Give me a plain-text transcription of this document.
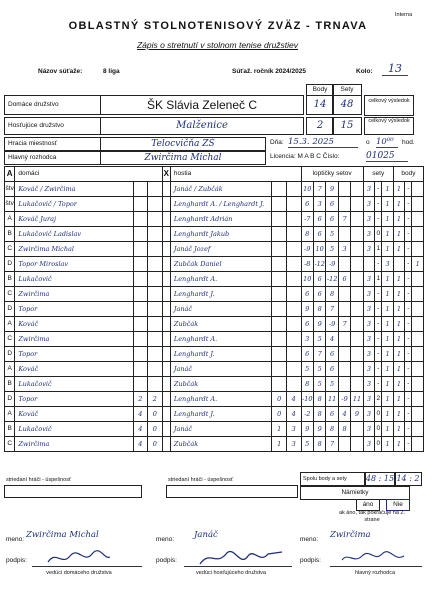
Interna
OBLASTNÝ STOLNOTENISOVÝ ZVÄZ - TRNAVA
Zápis o stretnutí v stolnom tenise družstiev
Názov súťaže:	8 liga	Súťaž. ročník 2024/2025	Kolo:	13
Body	Sety
Domáce družstvo	ŠK Slávia Zeleneč C	14	48	celkový výsledok
Hosťujúce družstvo	Malženice	2	15	celkový výsledok
Hracia miestnosť	Telocvičňa ZŠ	Dňa: 15.3. 2025	o 10⁰⁰	hod.
Hlavný rozhodca	Zwirčima Michal	Licencia: M A B C Číslo:	01025
A	domáci			X	hostia			loptičky setov					sety			body		
štv	Kováč / Zwirčima				Janáč / Zubčák			10	7	9			3	-	1	1	-	
štv	Lukačovič / Topor				Lenghardt A. / Lenghardt J.			6	3	6			3	-	1	1	-	
A	Kováč Juraj				Lenghardt Adrián			-7	6	6	7		3	-	1	1	-	
B	Lukačovič Ladislav				Lenghardt Jakub			8	6	5			3	0	1	1	-	
C	Zwirčima Michal				Janáč Jozef			-9	10	5	3		3	1	1	1	-	
D	Topor Miroslav				Zubčák Daniel			-8	-12	-9				-	3		-	1
B	Lukačovič				Lenghardt A.			10	6	-12	6		3	1	1	1	-	
C	Zwirčima				Lenghardt J.			6	6	8			3	-	1	1	-	
D	Topor				Janáč			9	8	7			3	-	1	1	-	
A	Kováč				Zubčák			6	9	-9	7		3	-	1	1	-	
C	Zwirčima				Lenghardt A.			3	5	4			3	-	1	1	-	
D	Topor				Lenghardt J.			6	7	6			3	-	1	1	-	
A	Kováč				Janáč			5	5	6			3	-	1	1	-	
B	Lukačovič				Zubčák			8	5	5			3	-	1	1	-	
D	Topor	2	2		Lenghardt A.	0	4	-10	8	11	-9	11	3	2	1	1	-	
A	Kováč	4	0		Lenghardt J.	0	4	-2	8	6	4	9	3	0	1	1	-	
B	Lukačovič	4	0		Janáč	1	3	9	9	8	8		3	0	1	1	-	
C	Zwirčima	4	0		Zubčák	1	3	5	8	7			3	0	1	1	-	
striedaní hráči - úspešnosť	striedaní hráči - úspešnosť	Spolu body a sety	48 : 15 14 : 2
Námietky
áno	Nie
ak áno, tak pokračuje na 2. strane
meno: Zwirčima Michal	meno: Janáč	meno: Zwirčima
podpis:	podpis:	podpis:
vedúci domáceho družstva	vedúci hosťujúceho družstva	hlavný rozhodca
